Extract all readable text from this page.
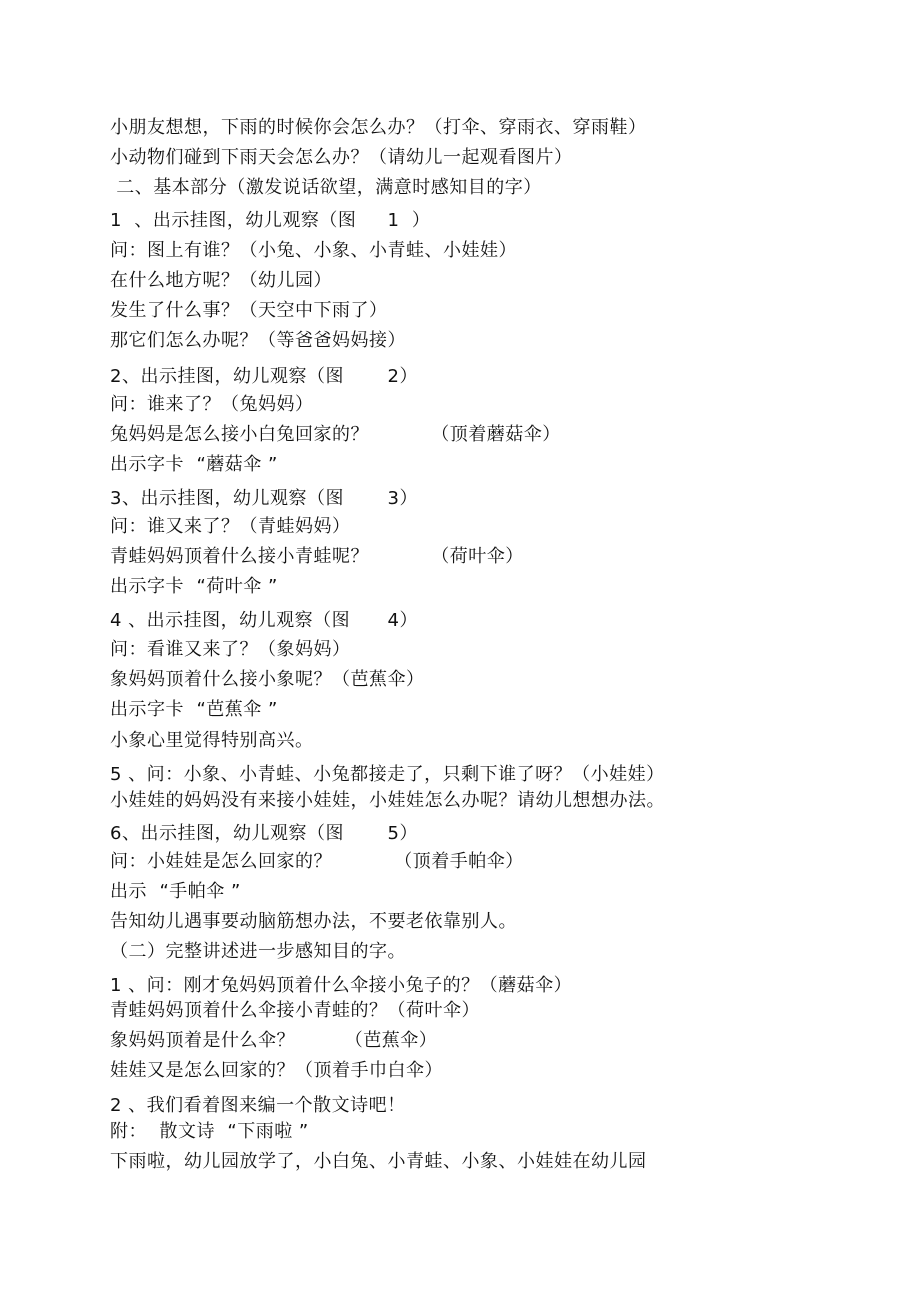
小朋友想想，下雨的时候你会怎么办？（打伞、穿雨衣、穿雨鞋）
小动物们碰到下雨天会怎么办？（请幼儿一起观看图片）
二、基本部分（激发说话欲望，满意时感知目的字）
1  、出示挂图，幼儿观察（图     1  ）
问：图上有谁？（小兔、小象、小青蛙、小娃娃）
在什么地方呢？（幼儿园）
发生了什么事？（天空中下雨了）
那它们怎么办呢？（等爸爸妈妈接）
2、出示挂图，幼儿观察（图       2）
问：谁来了？（兔妈妈）
兔妈妈是怎么接小白兔回家的？          （顶着蘑菇伞）
出示字卡  “蘑菇伞 ”
3、出示挂图，幼儿观察（图       3）
问：谁又来了？（青蛙妈妈）
青蛙妈妈顶着什么接小青蛙呢？          （荷叶伞）
出示字卡  “荷叶伞 ”
4 、出示挂图，幼儿观察（图      4）
问：看谁又来了？（象妈妈）
象妈妈顶着什么接小象呢？（芭蕉伞）
出示字卡  “芭蕉伞 ”
小象心里觉得特别高兴。
5 、问：小象、小青蛙、小兔都接走了，只剩下谁了呀？（小娃娃）
小娃娃的妈妈没有来接小娃娃，小娃娃怎么办呢？请幼儿想想办法。
6、出示挂图，幼儿观察（图       5）
问：小娃娃是怎么回家的？          （顶着手帕伞）
出示  “手帕伞 ”
告知幼儿遇事要动脑筋想办法，不要老依靠别人。
（二）完整讲述进一步感知目的字。
1 、问：刚才兔妈妈顶着什么伞接小兔子的？（蘑菇伞）
青蛙妈妈顶着什么伞接小青蛙的？（荷叶伞）
象妈妈顶着是什么伞？        （芭蕉伞）
娃娃又是怎么回家的？（顶着手巾白伞）
2 、我们看着图来编一个散文诗吧！
附：  散文诗  “下雨啦 ”
下雨啦，幼儿园放学了，小白兔、小青蛙、小象、小娃娃在幼儿园
